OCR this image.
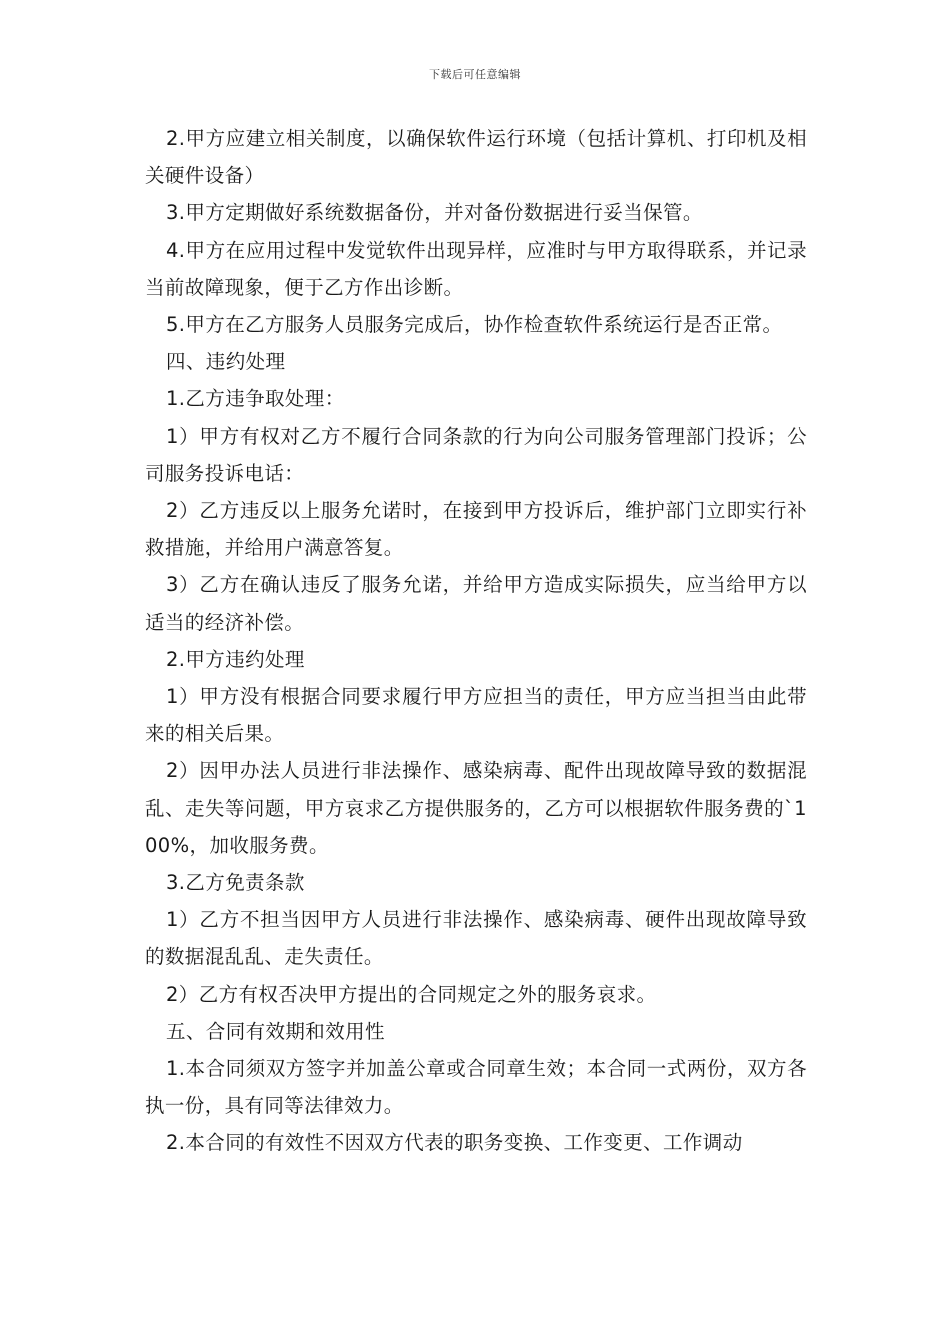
下载后可任意编辑

2.甲方应建立相关制度，以确保软件运行环境（包括计算机、打印机及相关硬件设备）

3.甲方定期做好系统数据备份，并对备份数据进行妥当保管。

4.甲方在应用过程中发觉软件出现异样，应准时与甲方取得联系，并记录当前故障现象，便于乙方作出诊断。

5.甲方在乙方服务人员服务完成后，协作检查软件系统运行是否正常。

四、违约处理

1.乙方违争取处理：

1）甲方有权对乙方不履行合同条款的行为向公司服务管理部门投诉；公司服务投诉电话：

2）乙方违反以上服务允诺时，在接到甲方投诉后，维护部门立即实行补救措施，并给用户满意答复。

3）乙方在确认违反了服务允诺，并给甲方造成实际损失，应当给甲方以适当的经济补偿。

2.甲方违约处理

1）甲方没有根据合同要求履行甲方应担当的责任，甲方应当担当由此带来的相关后果。

2）因甲办法人员进行非法操作、感染病毒、配件出现故障导致的数据混乱、走失等问题，甲方哀求乙方提供服务的，乙方可以根据软件服务费的`100%，加收服务费。

3.乙方免责条款

1）乙方不担当因甲方人员进行非法操作、感染病毒、硬件出现故障导致的数据混乱乱、走失责任。

2）乙方有权否决甲方提出的合同规定之外的服务哀求。

五、合同有效期和效用性

1.本合同须双方签字并加盖公章或合同章生效；本合同一式两份，双方各执一份，具有同等法律效力。

2.本合同的有效性不因双方代表的职务变换、工作变更、工作调动
